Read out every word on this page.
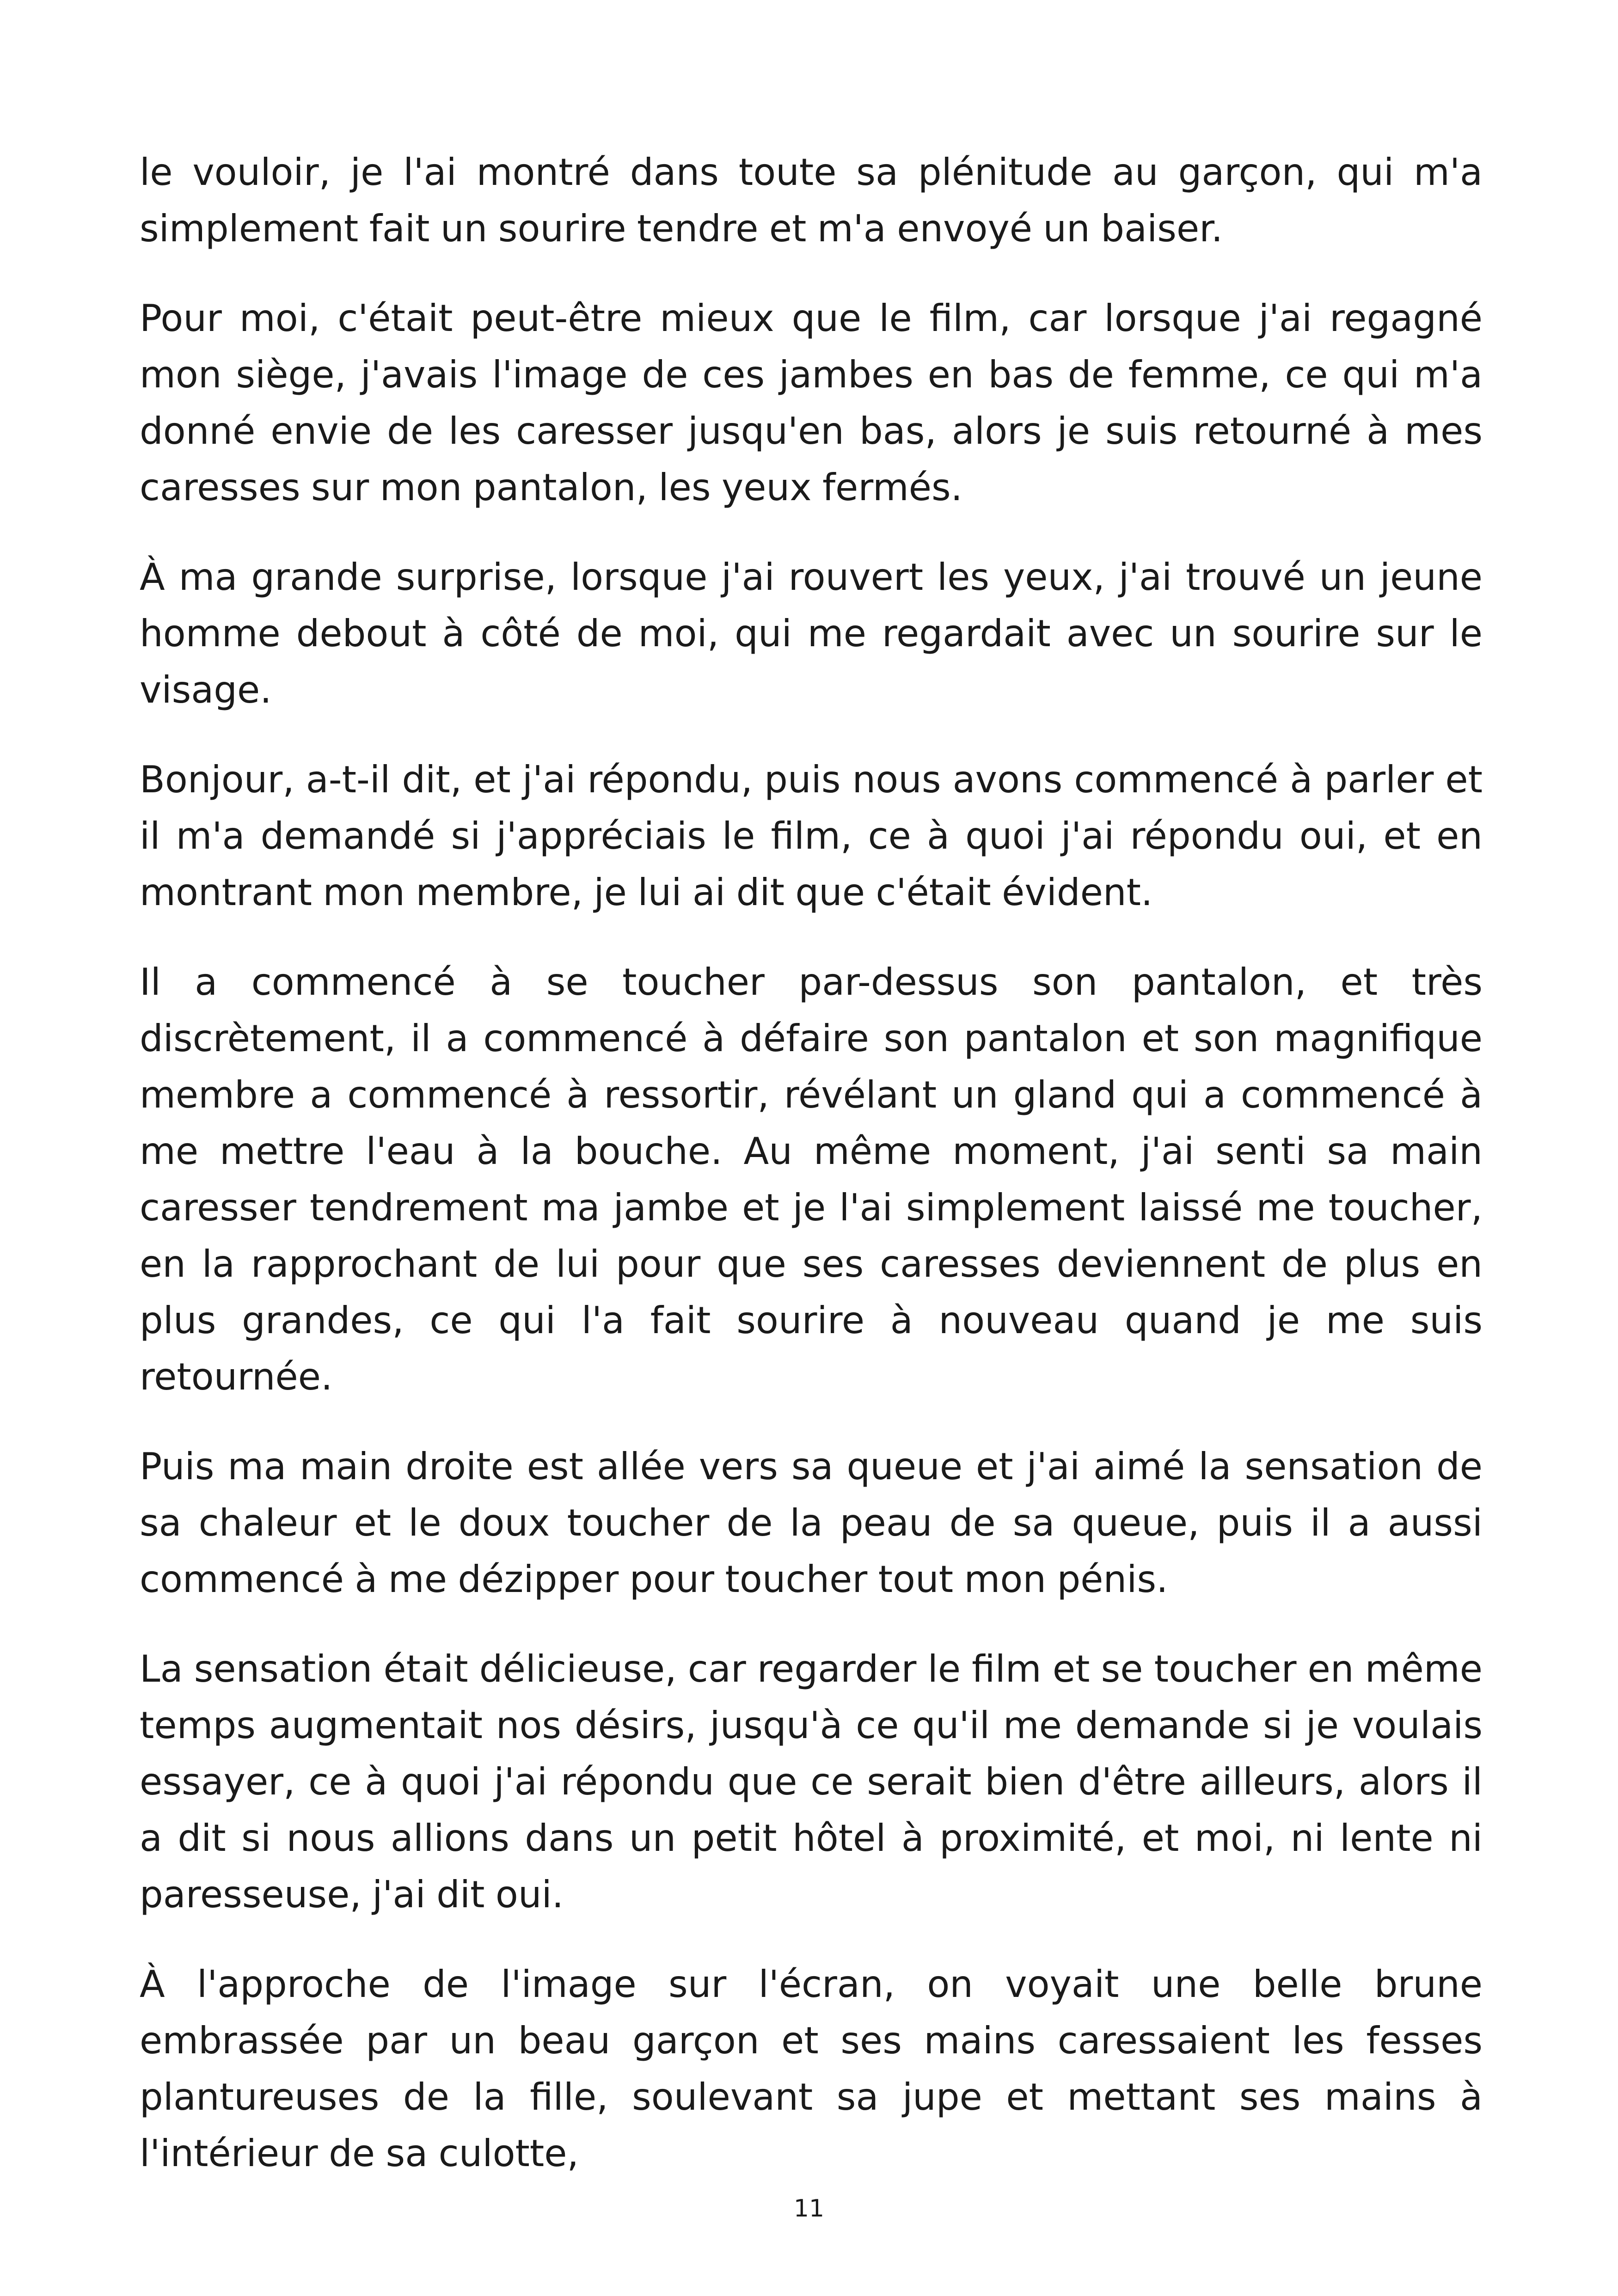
le vouloir, je l'ai montré dans toute sa plénitude au garçon, qui m'a simplement fait un sourire tendre et m'a envoyé un baiser.

Pour moi, c'était peut-être mieux que le film, car lorsque j'ai regagné mon siège, j'avais l'image de ces jambes en bas de femme, ce qui m'a donné envie de les caresser jusqu'en bas, alors je suis retourné à mes caresses sur mon pantalon, les yeux fermés.

À ma grande surprise, lorsque j'ai rouvert les yeux, j'ai trouvé un jeune homme debout à côté de moi, qui me regardait avec un sourire sur le visage.

Bonjour, a-t-il dit, et j'ai répondu, puis nous avons commencé à parler et il m'a demandé si j'appréciais le film, ce à quoi j'ai répondu oui, et en montrant mon membre, je lui ai dit que c'était évident.

Il a commencé à se toucher par-dessus son pantalon, et très discrètement, il a commencé à défaire son pantalon et son magnifique membre a commencé à ressortir, révélant un gland qui a commencé à me mettre l'eau à la bouche. Au même moment, j'ai senti sa main caresser tendrement ma jambe et je l'ai simplement laissé me toucher, en la rapprochant de lui pour que ses caresses deviennent de plus en plus grandes, ce qui l'a fait sourire à nouveau quand je me suis retournée.

Puis ma main droite est allée vers sa queue et j'ai aimé la sensation de sa chaleur et le doux toucher de la peau de sa queue, puis il a aussi commencé à me dézipper pour toucher tout mon pénis.

La sensation était délicieuse, car regarder le film et se toucher en même temps augmentait nos désirs, jusqu'à ce qu'il me demande si je voulais essayer, ce à quoi j'ai répondu que ce serait bien d'être ailleurs, alors il a dit si nous allions dans un petit hôtel à proximité, et moi, ni lente ni paresseuse, j'ai dit oui.

À l'approche de l'image sur l'écran, on voyait une belle brune embrassée par un beau garçon et ses mains caressaient les fesses plantureuses de la fille, soulevant sa jupe et mettant ses mains à l'intérieur de sa culotte,

11
